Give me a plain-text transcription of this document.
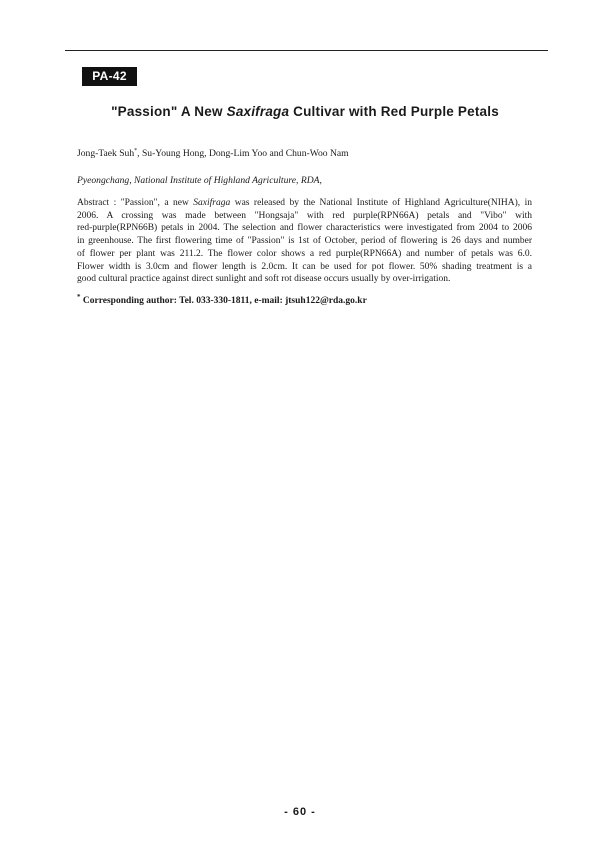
PA-42
"Passion" A New Saxifraga Cultivar with Red Purple Petals
Jong-Taek Suh*, Su-Young Hong, Dong-Lim Yoo and Chun-Woo Nam
Pyeongchang, National Institute of Highland Agriculture, RDA,
Abstract : "Passion", a new Saxifraga was released by the National Institute of Highland Agriculture(NIHA), in
2006. A crossing was made between "Hongsaja" with red purple(RPN66A) petals and "Vibo" with
red-purple(RPN66B) petals in 2004. The selection and flower characteristics were investigated from 2004 to 2006
in greenhouse. The first flowering time of "Passion" is 1st of October, period of flowering is 26 days and number
of flower per plant was 211.2. The flower color shows a red purple(RPN66A) and number of petals was 6.0.
Flower width is 3.0cm and flower length is 2.0cm. It can be used for pot flower. 50% shading treatment is a
good cultural practice against direct sunlight and soft rot disease occurs usually by over-irrigation.
* Corresponding author: Tel. 033-330-1811, e-mail: jtsuh122@rda.go.kr
- 60 -
